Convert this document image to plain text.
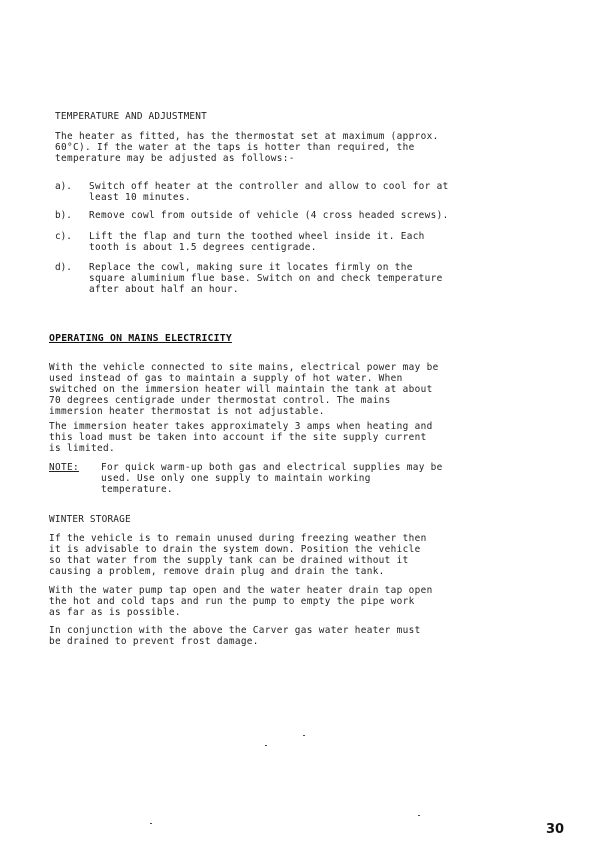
TEMPERATURE AND ADJUSTMENT

The heater as fitted, has the thermostat set at maximum (approx.
60°C). If the water at the taps is hotter than required, the
temperature may be adjusted as follows:-

a). Switch off heater at the controller and allow to cool for at
least 10 minutes.

b). Remove cowl from outside of vehicle (4 cross headed screws).

c). Lift the flap and turn the toothed wheel inside it. Each
tooth is about 1.5 degrees centigrade.

d). Replace the cowl, making sure it locates firmly on the
square aluminium flue base. Switch on and check temperature
after about half an hour.

OPERATING ON MAINS ELECTRICITY

With the vehicle connected to site mains, electrical power may be
used instead of gas to maintain a supply of hot water. When
switched on the immersion heater will maintain the tank at about
70 degrees centigrade under thermostat control. The mains
immersion heater thermostat is not adjustable.

The immersion heater takes approximately 3 amps when heating and
this load must be taken into account if the site supply current
is limited.

NOTE: For quick warm-up both gas and electrical supplies may be
used. Use only one supply to maintain working
temperature.

WINTER STORAGE

If the vehicle is to remain unused during freezing weather then
it is advisable to drain the system down. Position the vehicle
so that water from the supply tank can be drained without it
causing a problem, remove drain plug and drain the tank.

With the water pump tap open and the water heater drain tap open
the hot and cold taps and run the pump to empty the pipe work
as far as is possible.

In conjunction with the above the Carver gas water heater must
be drained to prevent frost damage.

30
